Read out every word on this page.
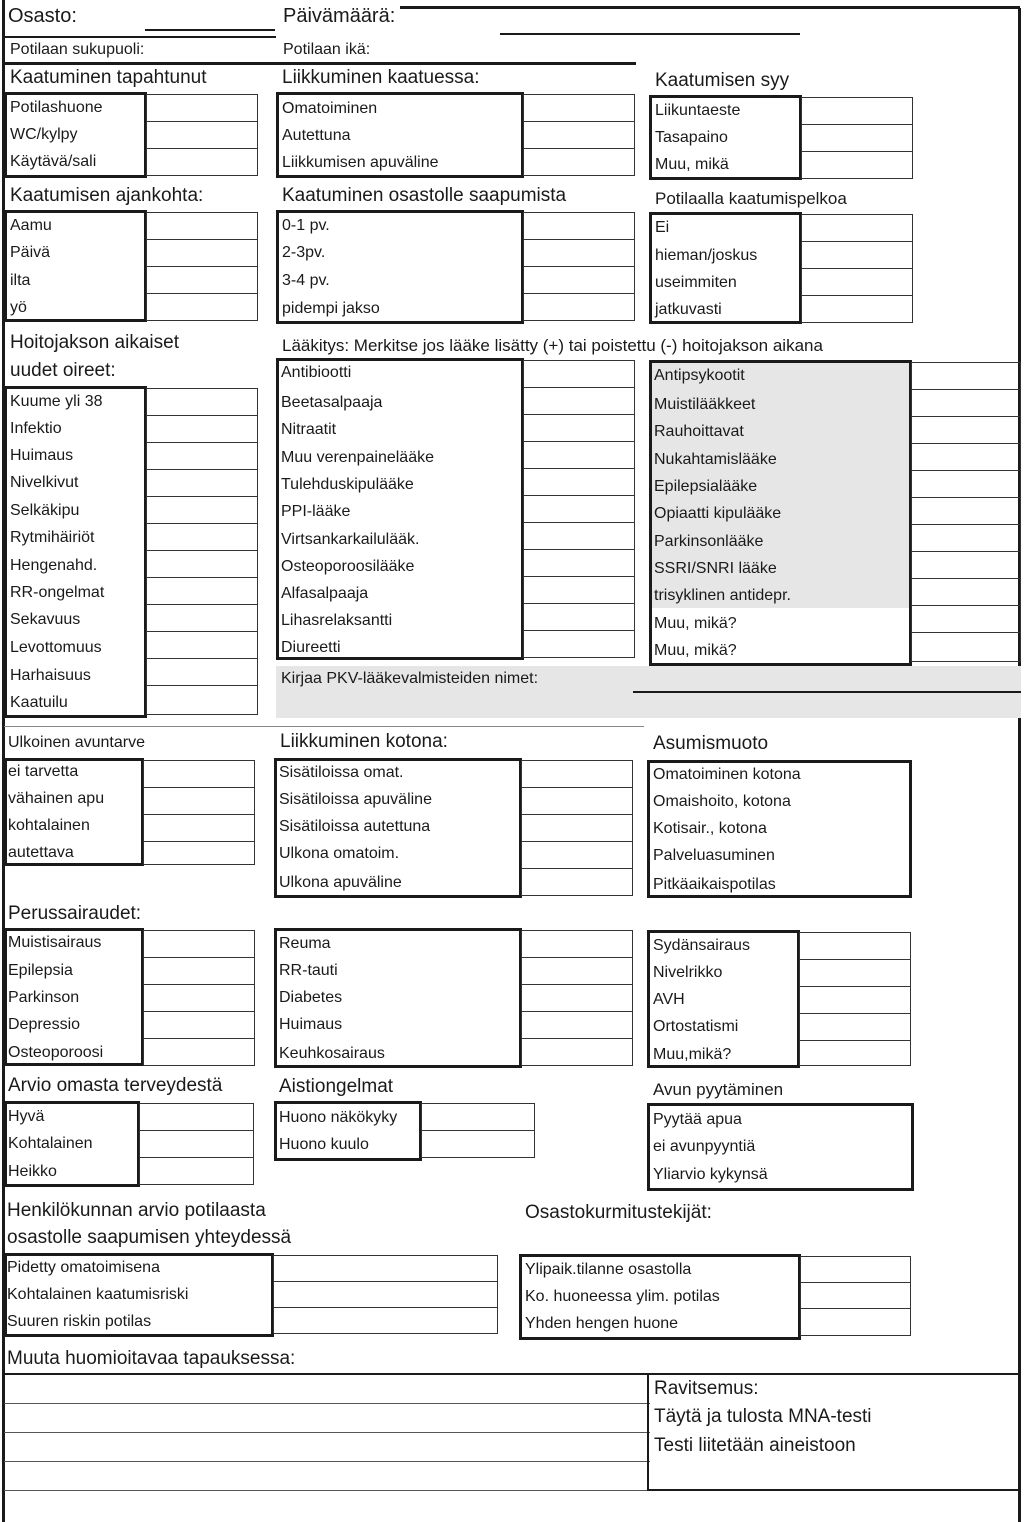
Osasto:	Päivämäärä:
Potilaan sukupuoli:	Potilaan ikä:
Kaatuminen tapahtunut
Potilashuone
WC/kylpy
Käytävä/sali
Liikkuminen kaatuessa:
Omatoiminen
Autettuna
Liikkumisen apuväline
Kaatumisen syy
Liikuntaeste
Tasapaino
Muu, mikä
Kaatumisen ajankohta:
Aamu
Päivä
ilta
yö
Kaatuminen osastolle saapumista
0-1 pv.
2-3pv.
3-4 pv.
pidempi jakso
Potilaalla kaatumispelkoa
Ei
hieman/joskus
useimmiten
jatkuvasti
Hoitojakson aikaiset
uudet oireet:
Kuume yli 38
Infektio
Huimaus
Nivelkivut
Selkäkipu
Rytmihäiriöt
Hengenahd.
RR-ongelmat
Sekavuus
Levottomuus
Harhaisuus
Kaatuilu
Lääkitys: Merkitse jos lääke lisätty (+) tai poistettu (-) hoitojakson aikana
Antibiootti
Beetasalpaaja
Nitraatit
Muu verenpainelääke
Tulehduskipulääke
PPI-lääke
Virtsankarkailulääk.
Osteoporoosilääke
Alfasalpaaja
Lihasrelaksantti
Diureetti
Antipsykootit
Muistilääkkeet
Rauhoittavat
Nukahtamislääke
Epilepsialääke
Opiaatti kipulääke
Parkinsonlääke
SSRI/SNRI lääke
trisyklinen antidepr.
Muu, mikä?
Muu, mikä?
Kirjaa PKV-lääkevalmisteiden nimet:
Ulkoinen avuntarve
ei tarvetta
vähainen apu
kohtalainen
autettava
Liikkuminen kotona:
Sisätiloissa omat.
Sisätiloissa apuväline
Sisätiloissa autettuna
Ulkona omatoim.
Ulkona apuväline
Asumismuoto
Omatoiminen kotona
Omaishoito, kotona
Kotisair., kotona
Palveluasuminen
Pitkäaikaispotilas
Perussairaudet:
Muistisairaus
Epilepsia
Parkinson
Depressio
Osteoporoosi
Reuma
RR-tauti
Diabetes
Huimaus
Keuhkosairaus
Sydänsairaus
Nivelrikko
AVH
Ortostatismi
Muu,mikä?
Arvio omasta terveydestä
Hyvä
Kohtalainen
Heikko
Aistiongelmat
Huono näkökyky
Huono kuulo
Avun pyytäminen
Pyytää apua
ei avunpyyntiä
Yliarvio kykynsä
Henkilökunnan arvio potilaasta
osastolle saapumisen yhteydessä
Pidetty omatoimisena
Kohtalainen kaatumisriski
Suuren riskin potilas
Osastokurmitustekijät:
Ylipaik.tilanne osastolla
Ko. huoneessa ylim. potilas
Yhden hengen huone
Muuta huomioitavaa tapauksessa:
Ravitsemus:
Täytä ja tulosta MNA-testi
Testi liitetään aineistoon
